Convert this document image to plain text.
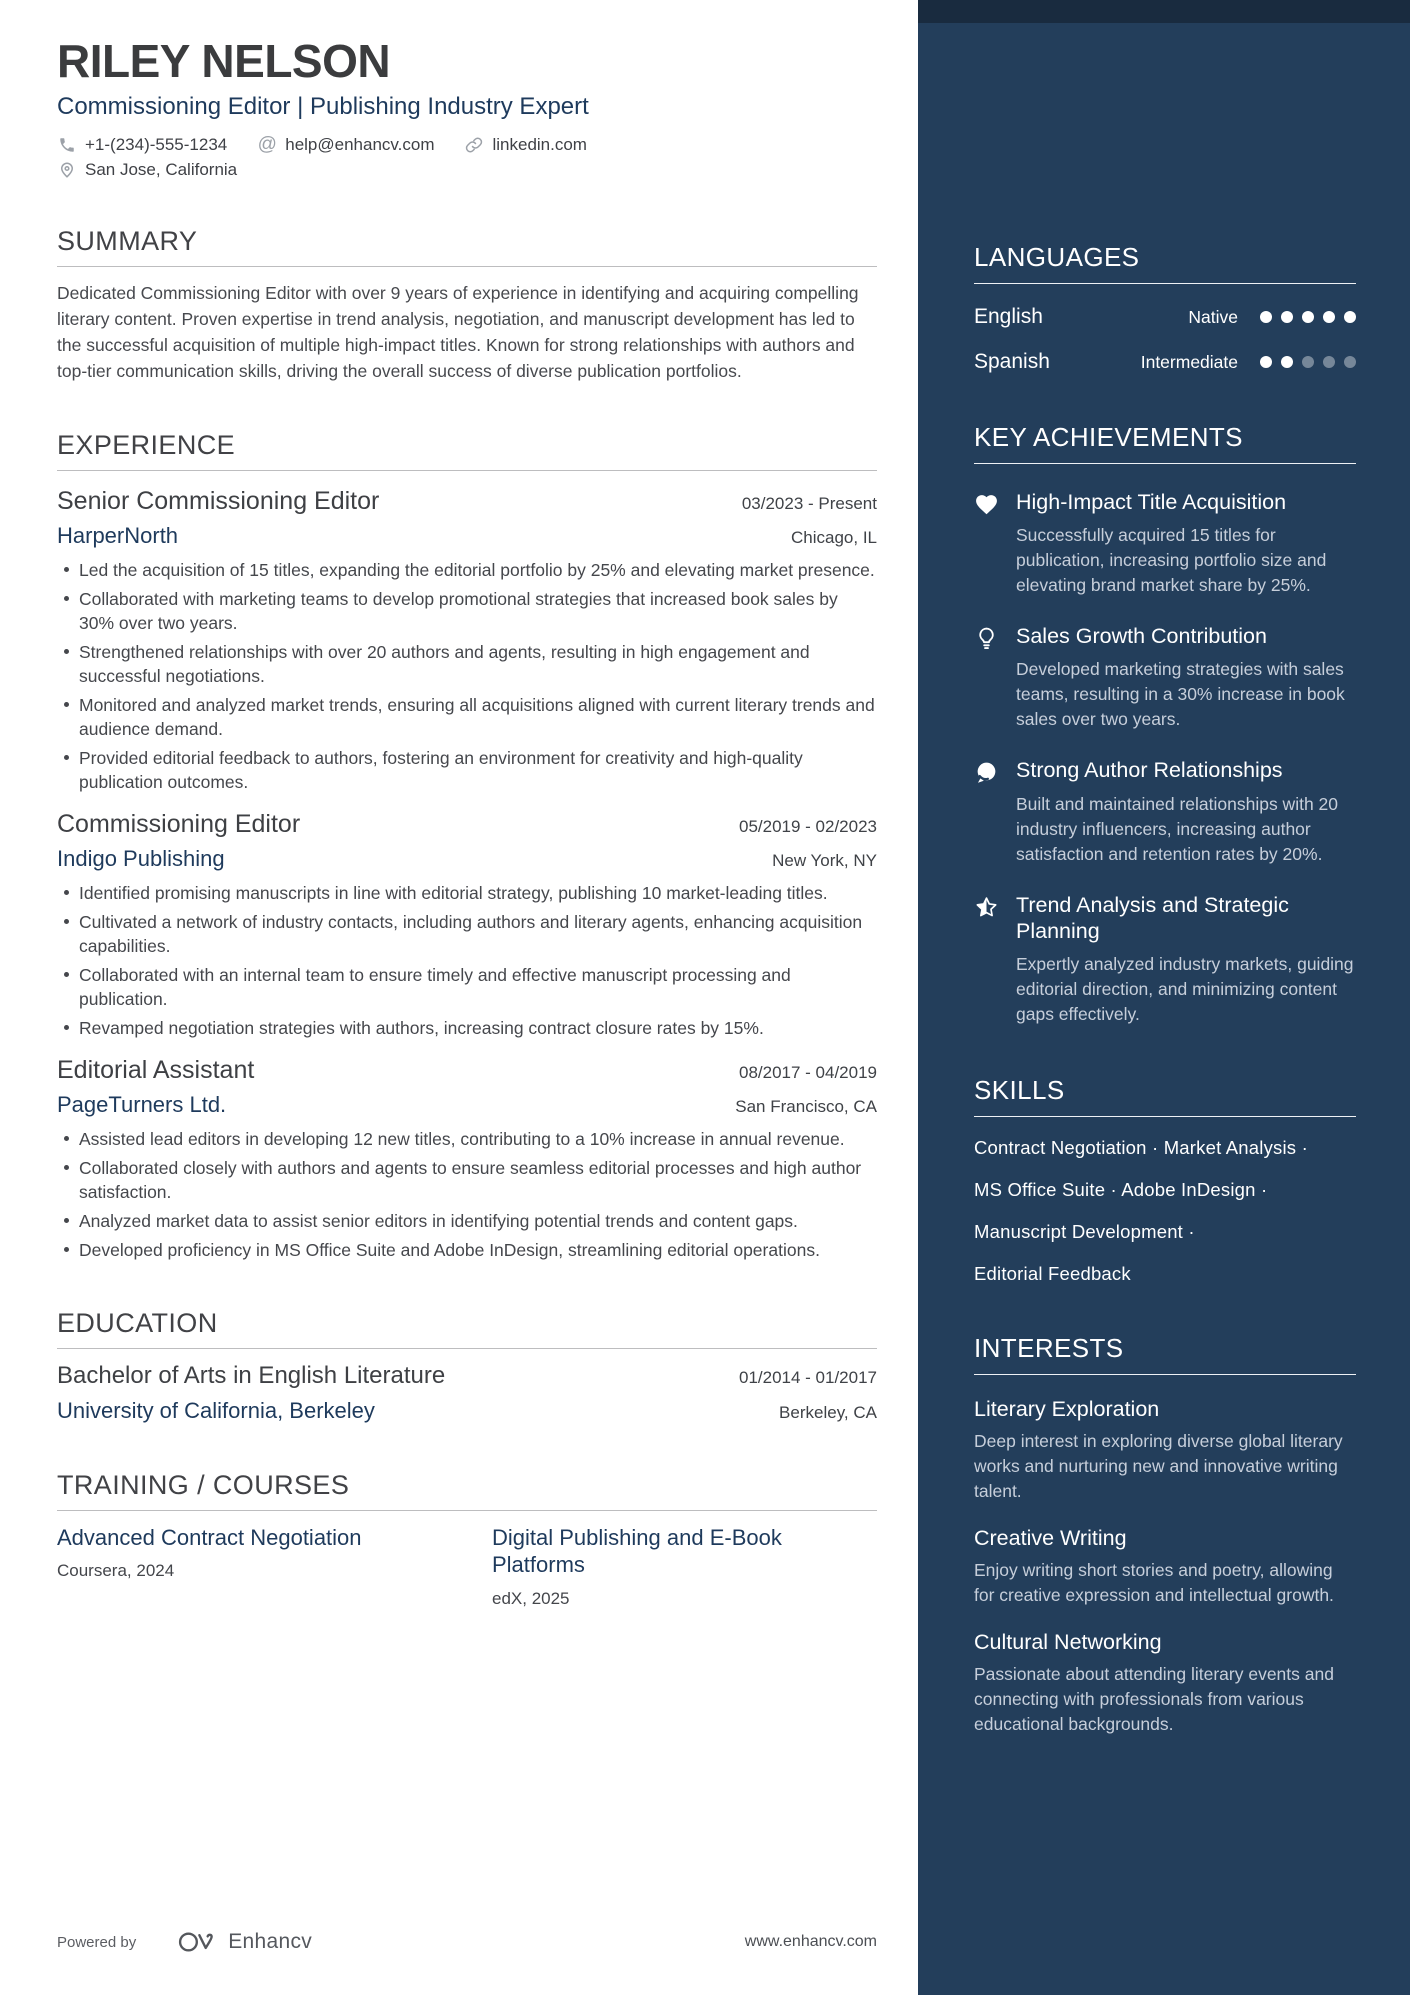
RILEY NELSON
Commissioning Editor | Publishing Industry Expert
+1-(234)-555-1234 @ help@enhancv.com	linkedin.com
San Jose, California
SUMMARY
Dedicated Commissioning Editor with over 9 years of experience in identifying and acquiring compelling literary content. Proven expertise in trend analysis, negotiation, and manuscript development has led to the successful acquisition of multiple high-impact titles. Known for strong relationships with authors and top-tier communication skills, driving the overall success of diverse publication portfolios.
EXPERIENCE
Senior Commissioning Editor	03/2023 - Present
HarperNorth	Chicago, IL
Led the acquisition of 15 titles, expanding the editorial portfolio by 25% and elevating market presence.
Collaborated with marketing teams to develop promotional strategies that increased book sales by 30% over two years.
Strengthened relationships with over 20 authors and agents, resulting in high engagement and successful negotiations.
Monitored and analyzed market trends, ensuring all acquisitions aligned with current literary trends and audience demand.
Provided editorial feedback to authors, fostering an environment for creativity and high-quality publication outcomes.
Commissioning Editor	05/2019 - 02/2023
Indigo Publishing	New York, NY
Identified promising manuscripts in line with editorial strategy, publishing 10 market-leading titles.
Cultivated a network of industry contacts, including authors and literary agents, enhancing acquisition capabilities.
Collaborated with an internal team to ensure timely and effective manuscript processing and publication.
Revamped negotiation strategies with authors, increasing contract closure rates by 15%.
Editorial Assistant	08/2017 - 04/2019
PageTurners Ltd.	San Francisco, CA
Assisted lead editors in developing 12 new titles, contributing to a 10% increase in annual revenue.
Collaborated closely with authors and agents to ensure seamless editorial processes and high author satisfaction.
Analyzed market data to assist senior editors in identifying potential trends and content gaps.
Developed proficiency in MS Office Suite and Adobe InDesign, streamlining editorial operations.
EDUCATION
Bachelor of Arts in English Literature	01/2014 - 01/2017
University of California, Berkeley	Berkeley, CA
TRAINING / COURSES
Advanced Contract Negotiation
Coursera, 2024
Digital Publishing and E-Book Platforms
edX, 2025
Powered by	Enhancv	www.enhancv.com
LANGUAGES
English	Native
Spanish	Intermediate
KEY ACHIEVEMENTS
High-Impact Title Acquisition
Successfully acquired 15 titles for publication, increasing portfolio size and elevating brand market share by 25%.
Sales Growth Contribution
Developed marketing strategies with sales teams, resulting in a 30% increase in book sales over two years.
Strong Author Relationships
Built and maintained relationships with 20 industry influencers, increasing author satisfaction and retention rates by 20%.
Trend Analysis and Strategic Planning
Expertly analyzed industry markets, guiding editorial direction, and minimizing content gaps effectively.
SKILLS
Contract Negotiation · Market Analysis ·
MS Office Suite · Adobe InDesign ·
Manuscript Development ·
Editorial Feedback
INTERESTS
Literary Exploration
Deep interest in exploring diverse global literary works and nurturing new and innovative writing talent.
Creative Writing
Enjoy writing short stories and poetry, allowing for creative expression and intellectual growth.
Cultural Networking
Passionate about attending literary events and connecting with professionals from various educational backgrounds.
